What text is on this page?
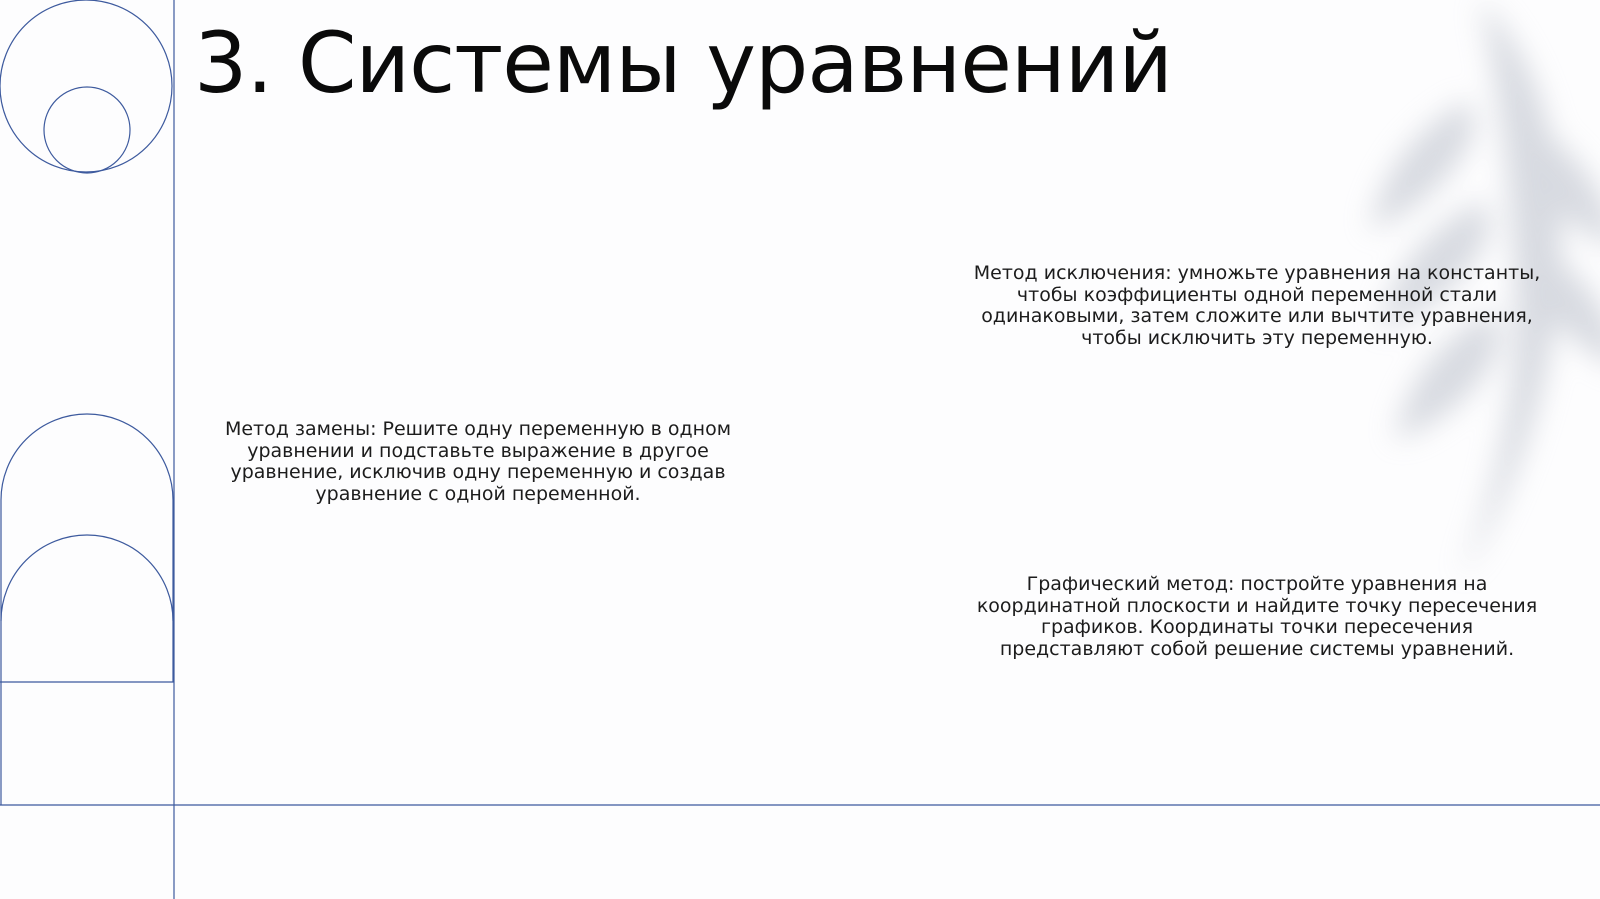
3. Системы уравнений

Метод замены: Решите одну переменную в одном уравнении и подставьте выражение в другое уравнение, исключив одну переменную и создав уравнение с одной переменной.

Метод исключения: умножьте уравнения на константы, чтобы коэффициенты одной переменной стали одинаковыми, затем сложите или вычтите уравнения, чтобы исключить эту переменную.

Графический метод: постройте уравнения на координатной плоскости и найдите точку пересечения графиков. Координаты точки пересечения представляют собой решение системы уравнений.
